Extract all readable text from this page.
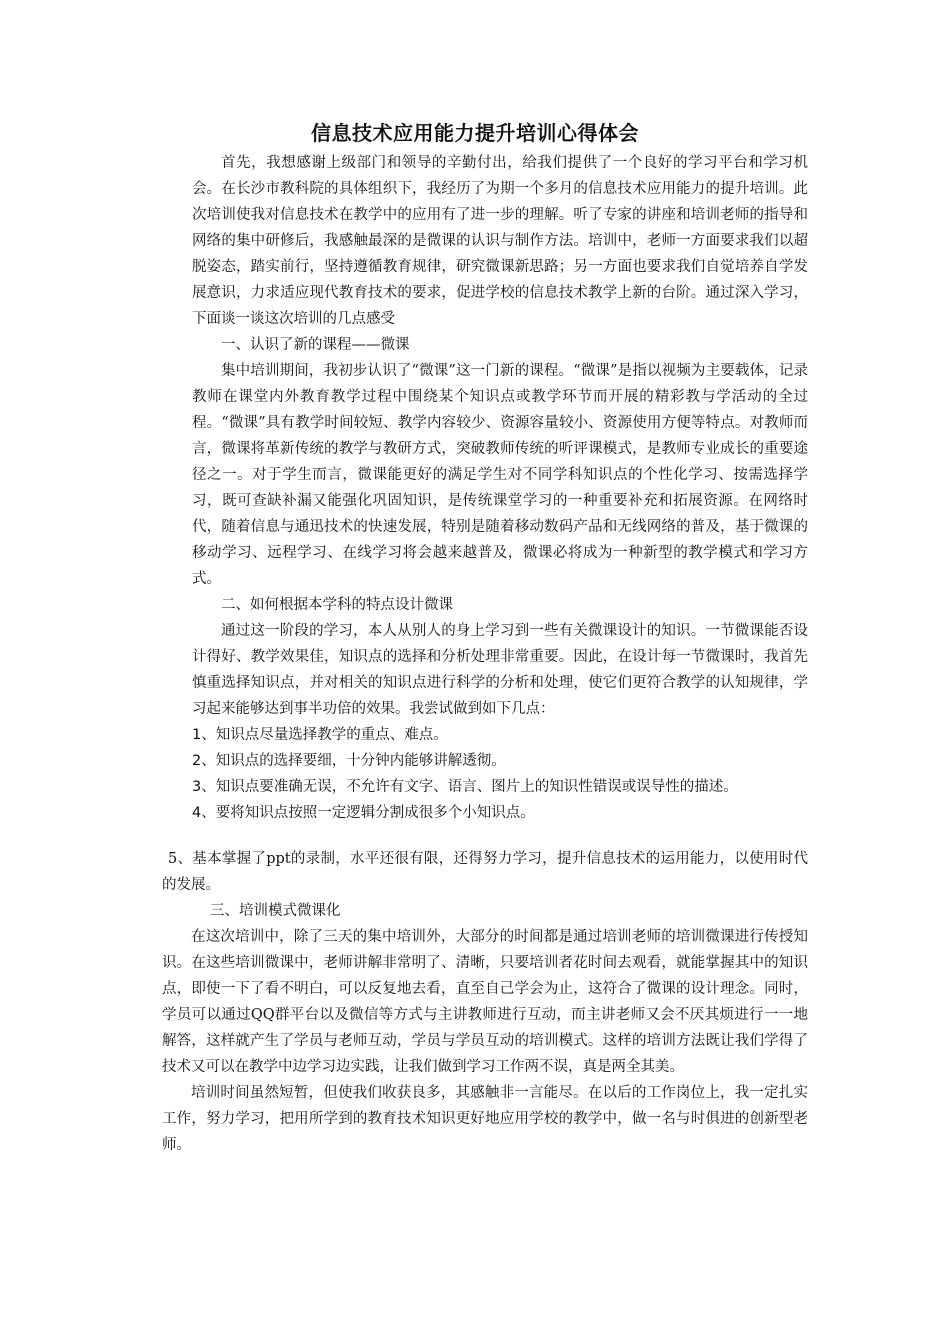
信息技术应用能力提升培训心得体会

首先，我想感谢上级部门和领导的辛勤付出，给我们提供了一个良好的学习平台和学习机会。在长沙市教科院的具体组织下，我经历了为期一个多月的信息技术应用能力的提升培训。此次培训使我对信息技术在教学中的应用有了进一步的理解。听了专家的讲座和培训老师的指导和网络的集中研修后，我感触最深的是微课的认识与制作方法。培训中，老师一方面要求我们以超脱姿态，踏实前行，坚持遵循教育规律，研究微课新思路；另一方面也要求我们自觉培养自学发展意识，力求适应现代教育技术的要求，促进学校的信息技术教学上新的台阶。通过深入学习，下面谈一谈这次培训的几点感受

一、认识了新的课程——微课

集中培训期间，我初步认识了“微课”这一门新的课程。“微课”是指以视频为主要载体，记录教师在课堂内外教育教学过程中围绕某个知识点或教学环节而开展的精彩教与学活动的全过程。“微课”具有教学时间较短、教学内容较少、资源容量较小、资源使用方便等特点。对教师而言，微课将革新传统的教学与教研方式，突破教师传统的听评课模式，是教师专业成长的重要途径之一。对于学生而言，微课能更好的满足学生对不同学科知识点的个性化学习、按需选择学习，既可查缺补漏又能强化巩固知识，是传统课堂学习的一种重要补充和拓展资源。在网络时代，随着信息与通迅技术的快速发展，特别是随着移动数码产品和无线网络的普及，基于微课的移动学习、远程学习、在线学习将会越来越普及，微课必将成为一种新型的教学模式和学习方式。

二、如何根据本学科的特点设计微课

通过这一阶段的学习，本人从别人的身上学习到一些有关微课设计的知识。一节微课能否设计得好、教学效果佳，知识点的选择和分析处理非常重要。因此，在设计每一节微课时，我首先慎重选择知识点，并对相关的知识点进行科学的分析和处理，使它们更符合教学的认知规律，学习起来能够达到事半功倍的效果。我尝试做到如下几点：

1、知识点尽量选择教学的重点、难点。

2、知识点的选择要细，十分钟内能够讲解透彻。

3、知识点要准确无误，不允许有文字、语言、图片上的知识性错误或误导性的描述。

4、要将知识点按照一定逻辑分割成很多个小知识点。

5、基本掌握了ppt的录制，水平还很有限，还得努力学习，提升信息技术的运用能力，以使用时代的发展。

三、培训模式微课化

在这次培训中，除了三天的集中培训外，大部分的时间都是通过培训老师的培训微课进行传授知识。在这些培训微课中，老师讲解非常明了、清晰，只要培训者花时间去观看，就能掌握其中的知识点，即使一下了看不明白，可以反复地去看，直至自己学会为止，这符合了微课的设计理念。同时，学员可以通过QQ群平台以及微信等方式与主讲教师进行互动，而主讲老师又会不厌其烦进行一一地解答，这样就产生了学员与老师互动，学员与学员互动的培训模式。这样的培训方法既让我们学得了技术又可以在教学中边学习边实践，让我们做到学习工作两不误，真是两全其美。

培训时间虽然短暂，但使我们收获良多，其感触非一言能尽。在以后的工作岗位上，我一定扎实工作，努力学习，把用所学到的教育技术知识更好地应用学校的教学中，做一名与时俱进的创新型老师。
